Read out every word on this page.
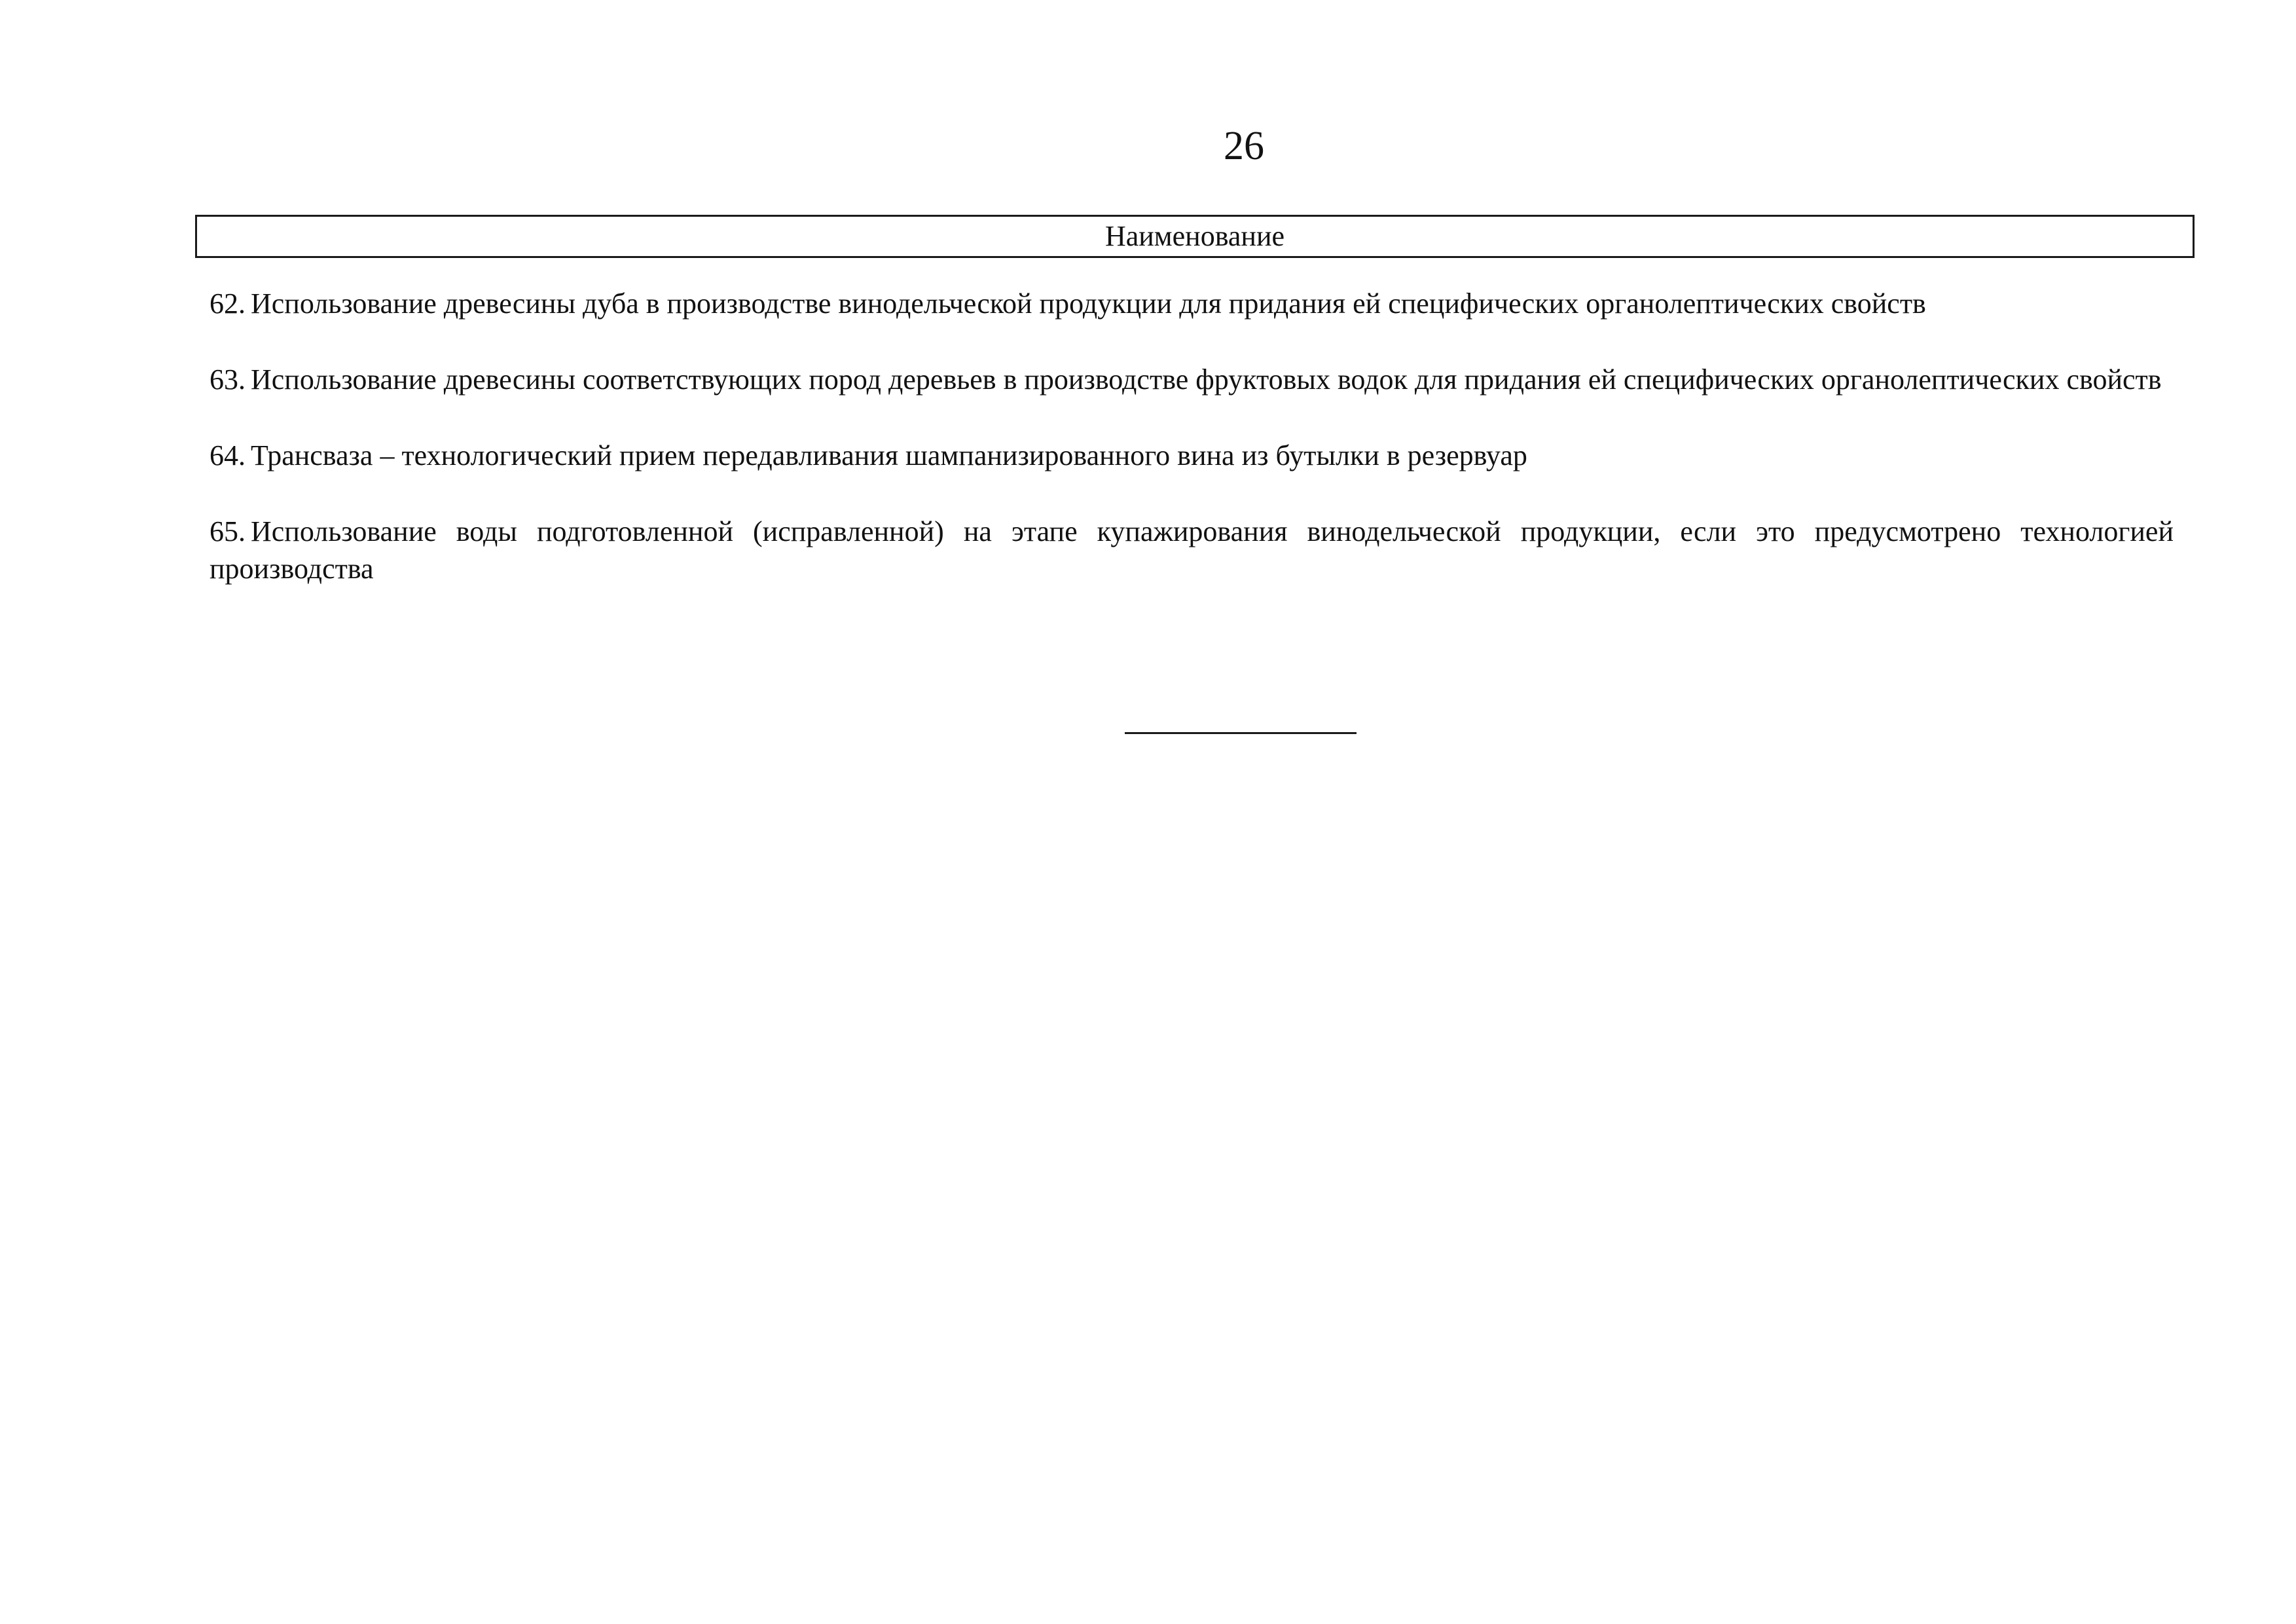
26
Наименование

62. Использование древесины дуба в производстве винодельческой продукции для придания ей специфических органолептических свойств

63. Использование древесины соответствующих пород деревьев в производстве фруктовых водок для придания ей специфических органолептических свойств

64. Трансваза – технологический прием передавливания шампанизированного вина из бутылки в резервуар

65. Использование воды подготовленной (исправленной) на этапе купажирования винодельческой продукции, если это предусмотрено технологией производства
